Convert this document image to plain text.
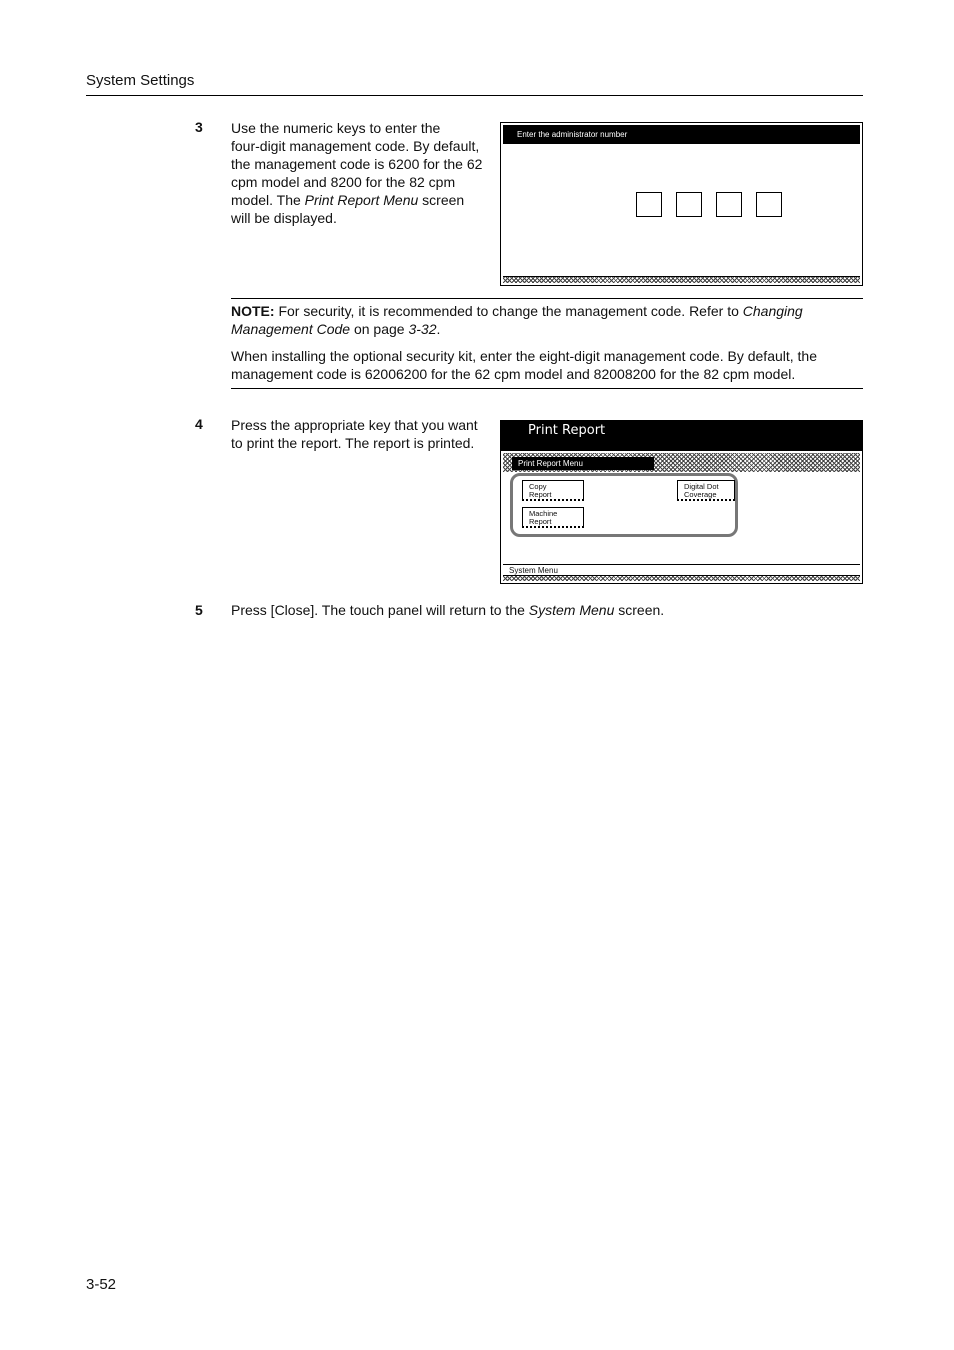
System Settings
3 Use the numeric keys to enter the
four-digit management code. By default,
the management code is 6200 for the 62
cpm model and 8200 for the 82 cpm
model. The Print Report Menu screen
will be displayed.
Enter the administrator number
NOTE: For security, it is recommended to change the management code. Refer to Changing
Management Code on page 3-32.
When installing the optional security kit, enter the eight-digit management code. By default, the
management code is 62006200 for the 62 cpm model and 82008200 for the 82 cpm model.
4 Press the appropriate key that you want
to print the report. The report is printed.
Print Report
Print Report Menu
Copy
Report
Machine
Report
Digital Dot
Coverage
System Menu
5 Press [Close]. The touch panel will return to the System Menu screen.
3-52
